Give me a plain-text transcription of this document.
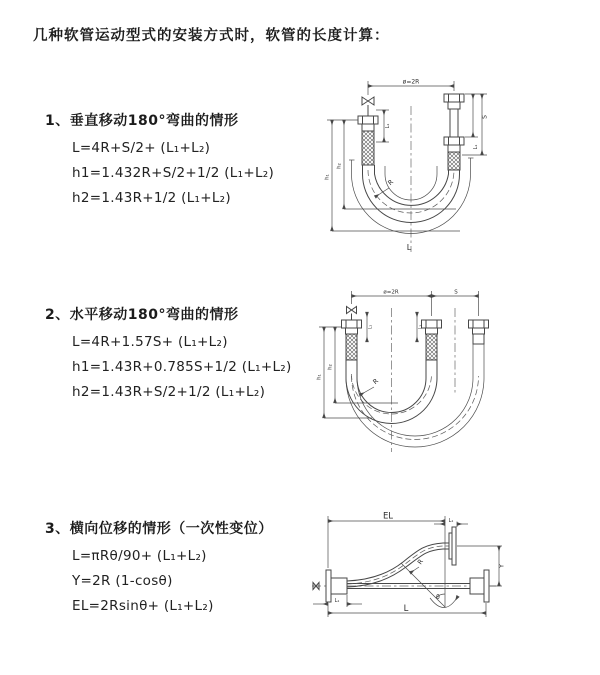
几种软管运动型式的安装方式时，软管的长度计算：
1、垂直移动180°弯曲的情形
L=4R+S/2+ (L₁+L₂)
h1=1.432R+S/2+1/2 (L₁+L₂)
h2=1.43R+1/2 (L₁+L₂)
2、水平移动180°弯曲的情形
L=4R+1.57S+ (L₁+L₂)
h1=1.43R+0.785S+1/2 (L₁+L₂)
h2=1.43R+S/2+1/2 (L₁+L₂)
3、横向位移的情形（一次性变位）
L=πRθ/90+ (L₁+L₂)
Y=2R (1-cosθ)
EL=2Rsinθ+ (L₁+L₂)
ø=2R
R
S
L₁
L₁
h₂
h₁
L
ø=2R	S
L₁	L₁
R
h₂
h₁
EL	L₁
Y
R
θ
L₁
L
